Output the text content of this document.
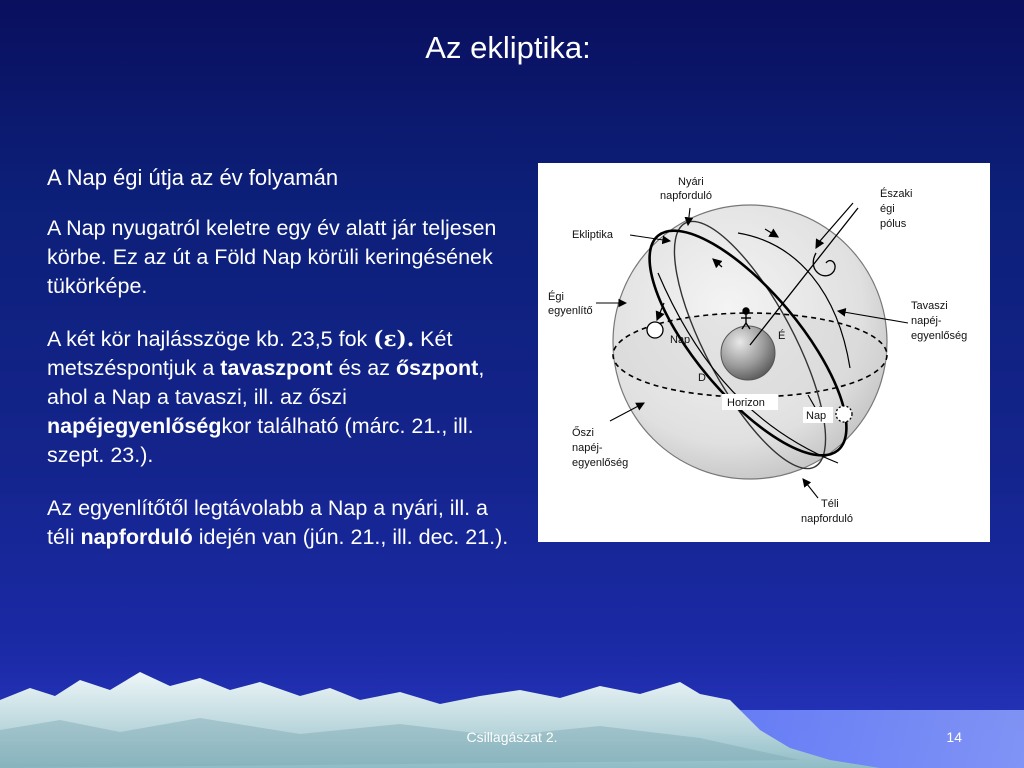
Az ekliptika:

A Nap égi útja az év folyamán

A Nap nyugatról keletre egy év alatt jár teljesen körbe. Ez az út a Föld Nap körüli keringésének tükörképe.

A két kör hajlásszöge kb. 23,5 fok (ε). Két metszéspontjuk a tavaszpont és az őszpont, ahol a Nap a tavaszi, ill. az őszi napéjegyenlőségkor található (márc. 21., ill. szept. 23.).

Az egyenlítőtől legtávolabb a Nap a nyári, ill. a téli napforduló idején van (jún. 21., ill. dec. 21.).

Nyári
napforduló
Ekliptika
Északi
égi
pólus
Égi
egyenlítő	Tavaszi
napéj-
egyenlőség
Nap	É
D
Horizon
Nap
Őszi
napéj-
egyenlőség
Téli
napforduló
Csillagászat 2.	14
